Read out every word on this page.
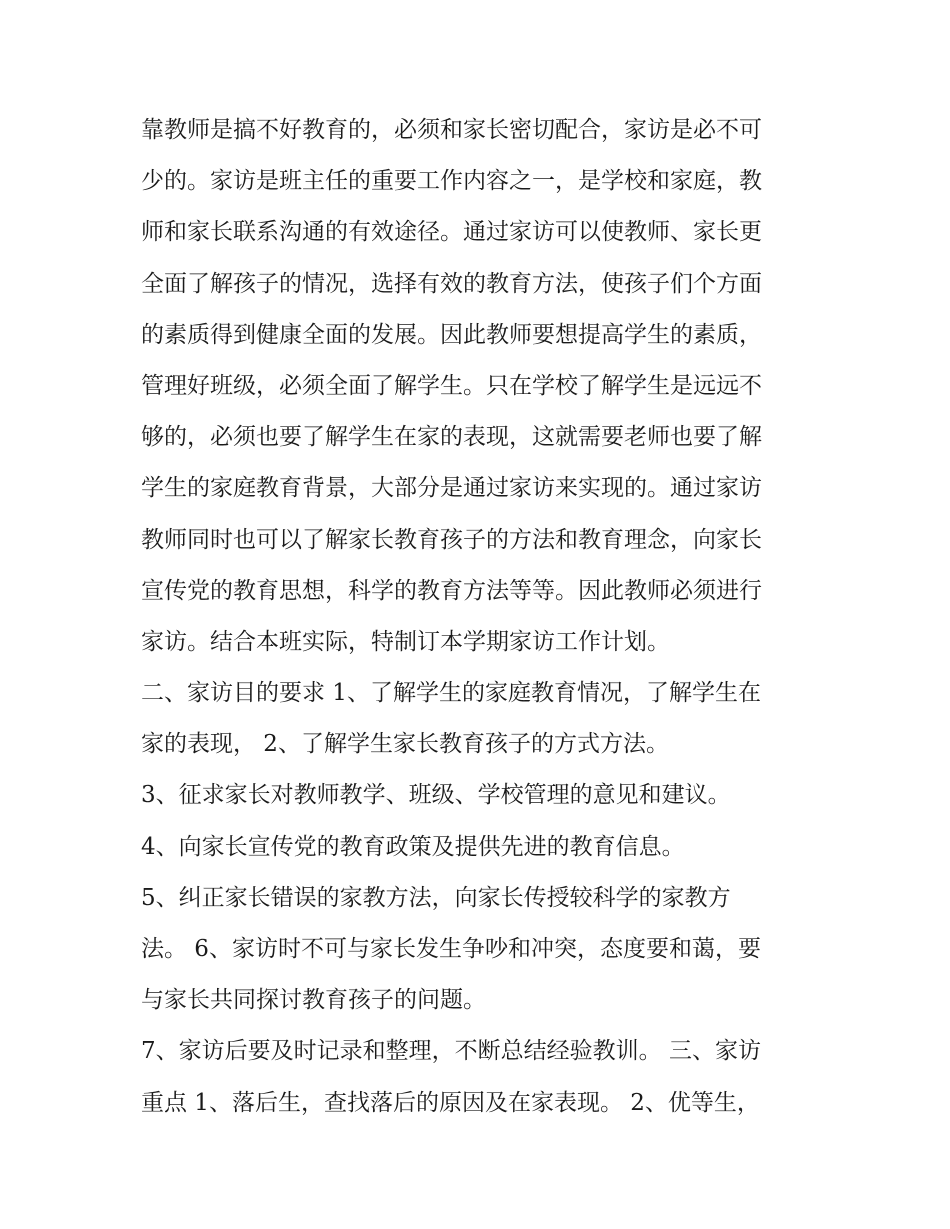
靠教师是搞不好教育的，必须和家长密切配合，家访是必不可
少的。家访是班主任的重要工作内容之一，是学校和家庭，教
师和家长联系沟通的有效途径。通过家访可以使教师、家长更
全面了解孩子的情况，选择有效的教育方法，使孩子们个方面
的素质得到健康全面的发展。因此教师要想提高学生的素质，
管理好班级，必须全面了解学生。只在学校了解学生是远远不
够的，必须也要了解学生在家的表现，这就需要老师也要了解
学生的家庭教育背景，大部分是通过家访来实现的。通过家访
教师同时也可以了解家长教育孩子的方法和教育理念，向家长
宣传党的教育思想，科学的教育方法等等。因此教师必须进行
家访。结合本班实际，特制订本学期家访工作计划。
二、家访目的要求 1、了解学生的家庭教育情况，了解学生在
家的表现， 2、了解学生家长教育孩子的方式方法。
3、征求家长对教师教学、班级、学校管理的意见和建议。
4、向家长宣传党的教育政策及提供先进的教育信息。
5、纠正家长错误的家教方法，向家长传授较科学的家教方
法。 6、家访时不可与家长发生争吵和冲突，态度要和蔼，要
与家长共同探讨教育孩子的问题。
7、家访后要及时记录和整理，不断总结经验教训。 三、家访
重点 1、落后生，查找落后的原因及在家表现。 2、优等生，
